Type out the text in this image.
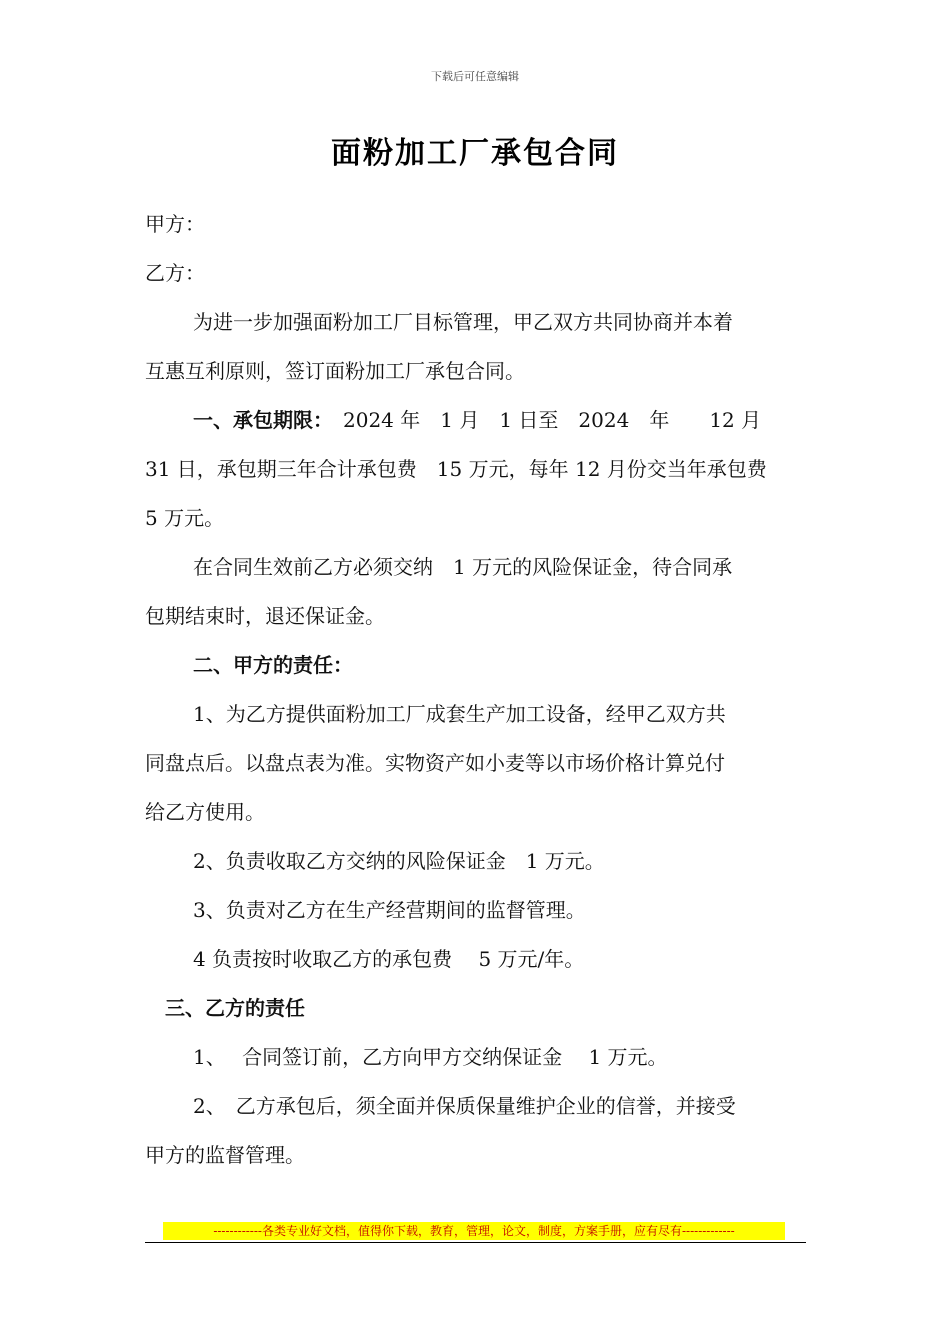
下载后可任意编辑
面粉加工厂承包合同

甲方：

乙方：

为进一步加强面粉加工厂目标管理，甲乙双方共同协商并本着

互惠互利原则，签订面粉加工厂承包合同。

一、承包期限：　 2024 年　1 月　1 日至　2024　年　　12 月

31 日，承包期三年合计承包费　15 万元，每年 12 月份交当年承包费

5 万元。

在合同生效前乙方必须交纳　1 万元的风险保证金，待合同承

包期结束时，退还保证金。

二、甲方的责任：

1、为乙方提供面粉加工厂成套生产加工设备，经甲乙双方共

同盘点后。以盘点表为准。实物资产如小麦等以市场价格计算兑付

给乙方使用。

2、负责收取乙方交纳的风险保证金　1 万元。

3、负责对乙方在生产经营期间的监督管理。

4 负责按时收取乙方的承包费　 5 万元/年。

三、乙方的责任

1、　 合同签订前，乙方向甲方交纳保证金　 1 万元。

2、　乙方承包后，须全面并保质保量维护企业的信誉，并接受

甲方的监督管理。

------------各类专业好文档，值得你下载，教育，管理，论文，制度，方案手册，应有尽有-------------
